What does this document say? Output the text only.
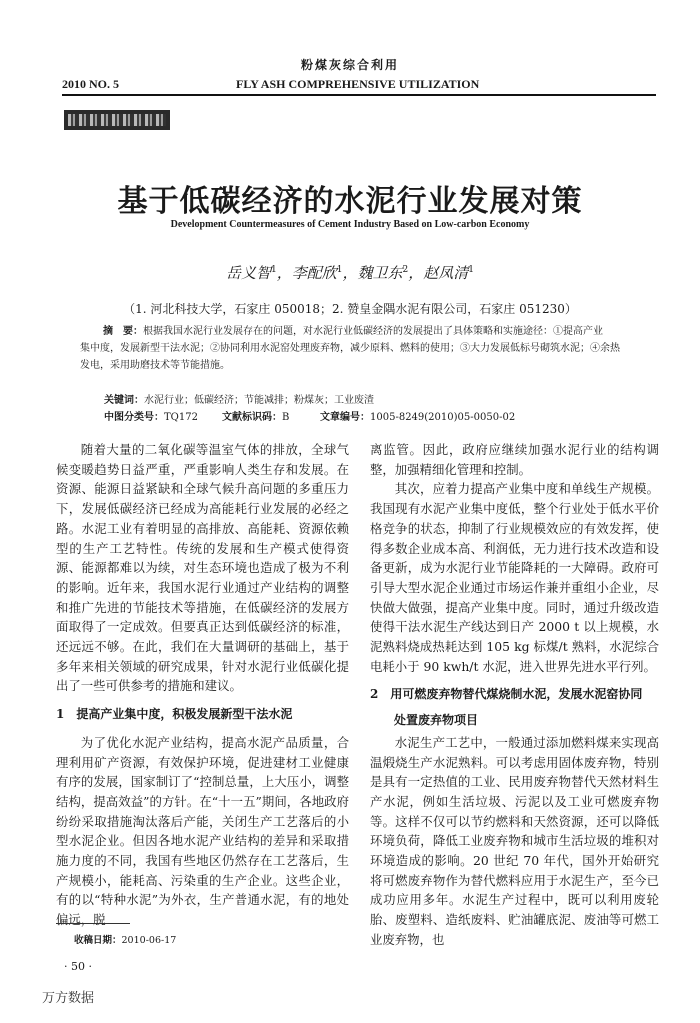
粉煤灰综合利用
2010 NO. 5	FLY ASH COMPREHENSIVE UTILIZATION
基于低碳经济的水泥行业发展对策
Development Countermeasures of Cement Industry Based on Low-carbon Economy
岳义智$^1$，李配欣$^1$，魏卫东$^2$，赵凤清$^1$
（1. 河北科技大学，石家庄 050018；2. 赞皇金隅水泥有限公司，石家庄 051230）
摘　要：根据我国水泥行业发展存在的问题，对水泥行业低碳经济的发展提出了具体策略和实施途径：①提高产业
集中度，发展新型干法水泥；②协同利用水泥窑处理废弃物，减少原料、燃料的使用；③大力发展低标号砌筑水泥；④余热
发电，采用助磨技术等节能措施。
关键词：水泥行业；低碳经济；节能减排；粉煤灰；工业废渣
中图分类号：TQ172 文献标识码：B	文章编号：1005-8249(2010)05-0050-02

随着大量的二氧化碳等温室气体的排放，全球气候变暖趋势日益严重，严重影响人类生存和发展。在资源、能源日益紧缺和全球气候升高问题的多重压力下，发展低碳经济已经成为高能耗行业发展的必经之路。水泥工业有着明显的高排放、高能耗、资源依赖型的生产工艺特性。传统的发展和生产模式使得资源、能源都难以为续，对生态环境也造成了极为不利的影响。近年来，我国水泥行业通过产业结构的调整和推广先进的节能技术等措施，在低碳经济的发展方面取得了一定成效。但要真正达到低碳经济的标准，还远远不够。在此，我们在大量调研的基础上，基于多年来相关领域的研究成果，针对水泥行业低碳化提出了一些可供参考的措施和建议。

1　提高产业集中度，积极发展新型干法水泥

为了优化水泥产业结构，提高水泥产品质量，合理利用矿产资源，有效保护环境，促进建材工业健康有序的发展，国家制订了“控制总量，上大压小，调整结构，提高效益”的方针。在“十一五”期间，各地政府纷纷采取措施淘汰落后产能，关闭生产工艺落后的小型水泥企业。但因各地水泥产业结构的差异和采取措施力度的不同，我国有些地区仍然存在工艺落后，生产规模小，能耗高、污染重的生产企业。这些企业，有的以“特种水泥”为外衣，生产普通水泥，有的地处偏远，脱

离监管。因此，政府应继续加强水泥行业的结构调整，加强精细化管理和控制。

其次，应着力提高产业集中度和单线生产规模。我国现有水泥产业集中度低，整个行业处于低水平价格竞争的状态，抑制了行业规模效应的有效发挥，使得多数企业成本高、利润低，无力进行技术改造和设备更新，成为水泥行业节能降耗的一大障碍。政府可引导大型水泥企业通过市场运作兼并重组小企业，尽快做大做强，提高产业集中度。同时，通过升级改造使得干法水泥生产线达到日产 2000 t 以上规模，水泥熟料烧成热耗达到 105 kg 标煤/t 熟料，水泥综合电耗小于 90 kwh/t 水泥，进入世界先进水平行列。

2　用可燃废弃物替代煤烧制水泥，发展水泥窑协同

处置废弃物项目

水泥生产工艺中，一般通过添加燃料煤来实现高温煅烧生产水泥熟料。可以考虑用固体废弃物，特别是具有一定热值的工业、民用废弃物替代天然材料生产水泥，例如生活垃圾、污泥以及工业可燃废弃物等。这样不仅可以节约燃料和天然资源，还可以降低环境负荷，降低工业废弃物和城市生活垃圾的堆积对环境造成的影响。20 世纪 70 年代，国外开始研究将可燃废弃物作为替代燃料应用于水泥生产，至今已成功应用多年。水泥生产过程中，既可以利用废轮胎、废塑料、造纸废料、贮油罐底泥、废油等可燃工业废弃物，也

收稿日期：2010-06-17
· 50 ·
万方数据
